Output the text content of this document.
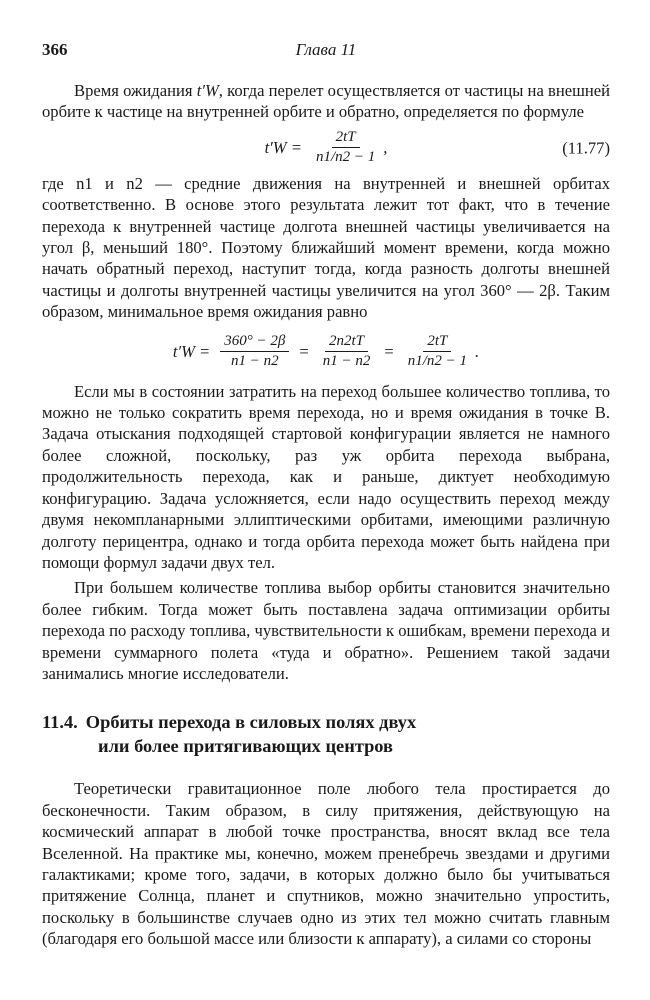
366	Глава 11

Время ожидания t′W, когда перелет осуществляется от частицы на внешней орбите к частице на внутренней орбите и обратно, определяется по формуле

$t'W = \frac{2tT}{n1/n2 - 1}$ ,	(11.77)

где n1 и n2 — средние движения на внутренней и внешней орбитах соответственно. В основе этого результата лежит тот факт, что в течение перехода к внутренней частице долгота внешней частицы увеличивается на угол β, меньший 180°. Поэтому ближайший момент времени, когда можно начать обратный переход, наступит тогда, когда разность долготы внешней частицы и долготы внутренней частицы увеличится на угол 360° — 2β. Таким образом, минимальное время ожидания равно

$t'W = \frac{360^\circ - 2\beta}{n1 - n2} = \frac{2n2tT}{n1 - n2} = \frac{2tT}{n1/n2 - 1}$ .

Если мы в состоянии затратить на переход большее количество топлива, то можно не только сократить время перехода, но и время ожидания в точке B. Задача отыскания подходящей стартовой конфигурации является не намного более сложной, поскольку, раз уж орбита перехода выбрана, продолжительность перехода, как и раньше, диктует необходимую конфигурацию. Задача усложняется, если надо осуществить переход между двумя некомпланарными эллиптическими орбитами, имеющими различную долготу перицентра, однако и тогда орбита перехода может быть найдена при помощи формул задачи двух тел.

При большем количестве топлива выбор орбиты становится значительно более гибким. Тогда может быть поставлена задача оптимизации орбиты перехода по расходу топлива, чувствительности к ошибкам, времени перехода и времени суммарного полета «туда и обратно». Решением такой задачи занимались многие исследователи.

11.4. Орбиты перехода в силовых полях двух
или более притягивающих центров

Теоретически гравитационное поле любого тела простирается до бесконечности. Таким образом, в силу притяжения, действующую на космический аппарат в любой точке пространства, вносят вклад все тела Вселенной. На практике мы, конечно, можем пренебречь звездами и другими галактиками; кроме того, задачи, в которых должно было бы учитываться притяжение Солнца, планет и спутников, можно значительно упростить, поскольку в большинстве случаев одно из этих тел можно считать главным (благодаря его большой массе или близости к аппарату), а силами со стороны
